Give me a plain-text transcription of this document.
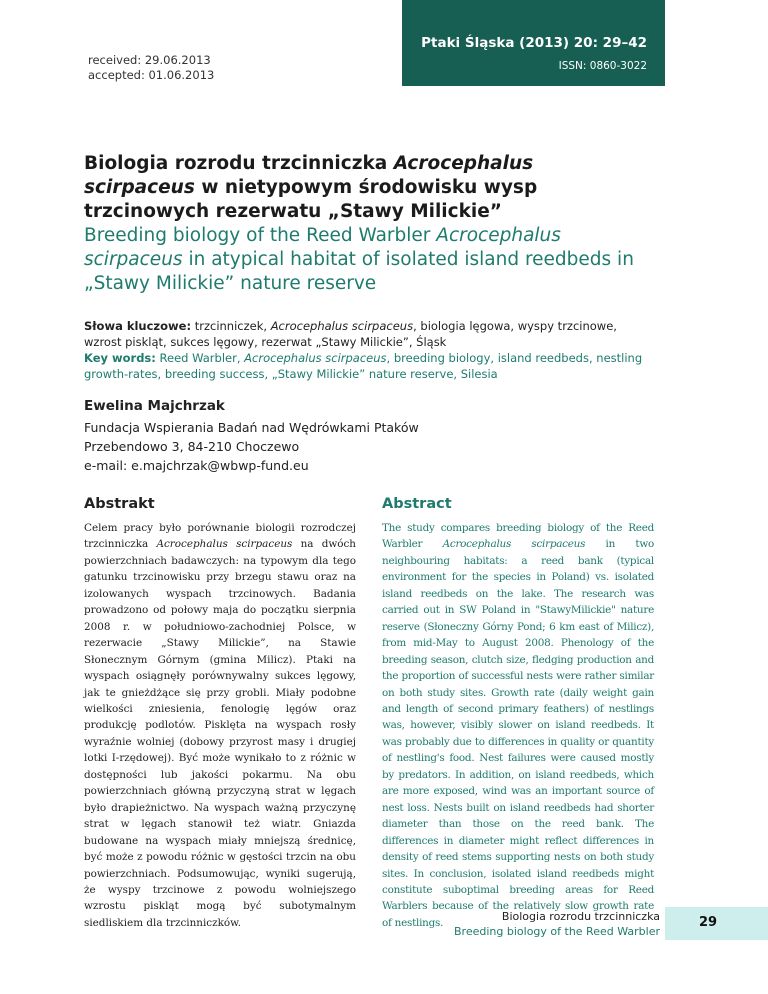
Ptaki Śląska (2013) 20: 29–42
ISSN: 0860-3022
received: 29.06.2013
accepted: 01.06.2013
Biologia rozrodu trzcinniczka Acrocephalus scirpaceus w nietypowym środowisku wysp trzcinowych rezerwatu „Stawy Milickie”
Breeding biology of the Reed Warbler Acrocephalus scirpaceus in atypical habitat of isolated island reedbeds in „Stawy Milickie” nature reserve
Słowa kluczowe: trzcinniczek, Acrocephalus scirpaceus, biologia lęgowa, wyspy trzcinowe, wzrost piskląt, sukces lęgowy, rezerwat „Stawy Milickie”, Śląsk
Key words: Reed Warbler, Acrocephalus scirpaceus, breeding biology, island reedbeds, nestling growth-rates, breeding success, „Stawy Milickie” nature reserve, Silesia
Ewelina Majchrzak
Fundacja Wspierania Badań nad Wędrówkami Ptaków
Przebendowo 3, 84-210 Choczewo
e-mail: e.majchrzak@wbwp-fund.eu
Abstrakt

Celem pracy było porównanie biologii rozrodczej trzcinniczka Acrocephalus scirpaceus na dwóch powierzchniach badawczych: na typowym dla tego gatunku trzcinowisku przy brzegu stawu oraz na izolowanych wyspach trzcinowych. Badania prowadzono od połowy maja do początku sierpnia 2008 r. w południowo-zachodniej Polsce, w rezerwacie „Stawy Milickie”, na Stawie Słonecznym Górnym (gmina Milicz). Ptaki na wyspach osiągnęły porównywalny sukces lęgowy, jak te gnieżdżące się przy grobli. Miały podobne wielkości zniesienia, fenologię lęgów oraz produkcję podlotów. Pisklęta na wyspach rosły wyraźnie wolniej (dobowy przyrost masy i drugiej lotki I-rzędowej). Być może wynikało to z różnic w dostępności lub jakości pokarmu. Na obu powierzchniach główną przyczyną strat w lęgach było drapieżnictwo. Na wyspach ważną przyczynę strat w lęgach stanowił też wiatr. Gniazda budowane na wyspach miały mniejszą średnicę, być może z powodu różnic w gęstości trzcin na obu powierzchniach. Podsumowując, wyniki sugerują, że wyspy trzcinowe z powodu wolniejszego wzrostu piskląt mogą być subotymalnym siedliskiem dla trzcinniczków.

Abstract

The study compares breeding biology of the Reed Warbler Acrocephalus scirpaceus in two neighbouring habitats: a reed bank (typical environment for the species in Poland) vs. isolated island reedbeds on the lake. The research was carried out in SW Poland in "StawyMilickie" nature reserve (Słoneczny Górny Pond; 6 km east of Milicz), from mid-May to August 2008. Phenology of the breeding season, clutch size, fledging production and the proportion of successful nests were rather similar on both study sites. Growth rate (daily weight gain and length of second primary feathers) of nestlings was, however, visibly slower on island reedbeds. It was probably due to differences in quality or quantity of nestling's food. Nest failures were caused mostly by predators. In addition, on island reedbeds, which are more exposed, wind was an important source of nest loss. Nests built on island reedbeds had shorter diameter than those on the reed bank. The differences in diameter might reflect differences in density of reed stems supporting nests on both study sites. In conclusion, isolated island reedbeds might constitute suboptimal breeding areas for Reed Warblers because of the relatively slow growth rate of nestlings.	Biologia rozrodu trzcinniczka
Breeding biology of the Reed Warbler
29
